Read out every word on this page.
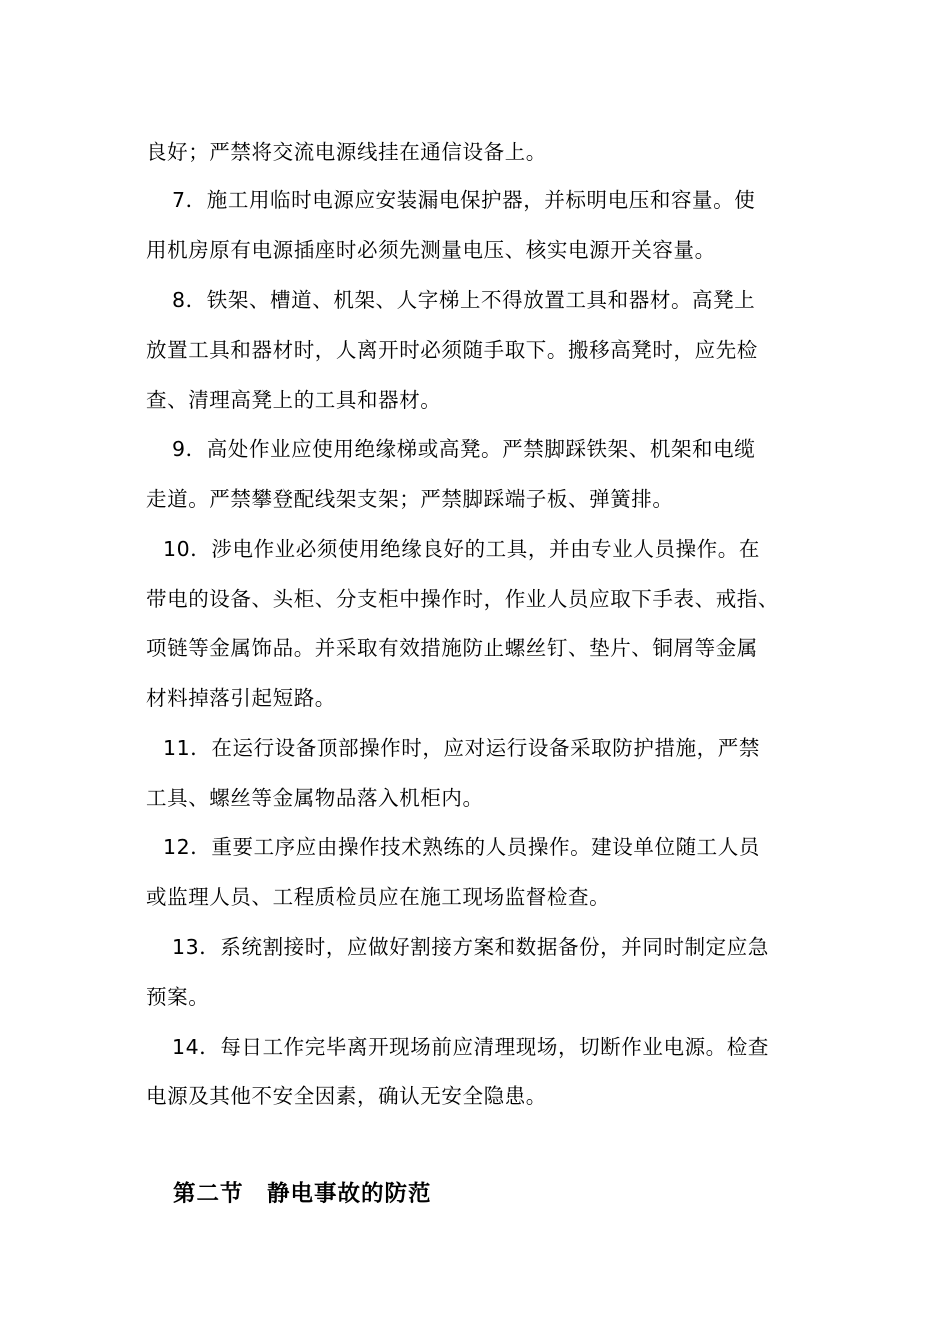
良好；严禁将交流电源线挂在通信设备上。
7．施工用临时电源应安装漏电保护器，并标明电压和容量。使
用机房原有电源插座时必须先测量电压、核实电源开关容量。
8．铁架、槽道、机架、人字梯上不得放置工具和器材。高凳上
放置工具和器材时，人离开时必须随手取下。搬移高凳时，应先检
查、清理高凳上的工具和器材。
9．高处作业应使用绝缘梯或高凳。严禁脚踩铁架、机架和电缆
走道。严禁攀登配线架支架；严禁脚踩端子板、弹簧排。
10．涉电作业必须使用绝缘良好的工具，并由专业人员操作。在
带电的设备、头柜、分支柜中操作时，作业人员应取下手表、戒指、
项链等金属饰品。并采取有效措施防止螺丝钉、垫片、铜屑等金属
材料掉落引起短路。
11．在运行设备顶部操作时，应对运行设备采取防护措施，严禁
工具、螺丝等金属物品落入机柜内。
12．重要工序应由操作技术熟练的人员操作。建设单位随工人员
或监理人员、工程质检员应在施工现场监督检查。
13．系统割接时，应做好割接方案和数据备份，并同时制定应急
预案。
14．每日工作完毕离开现场前应清理现场，切断作业电源。检查
电源及其他不安全因素，确认无安全隐患。
第二节　静电事故的防范
